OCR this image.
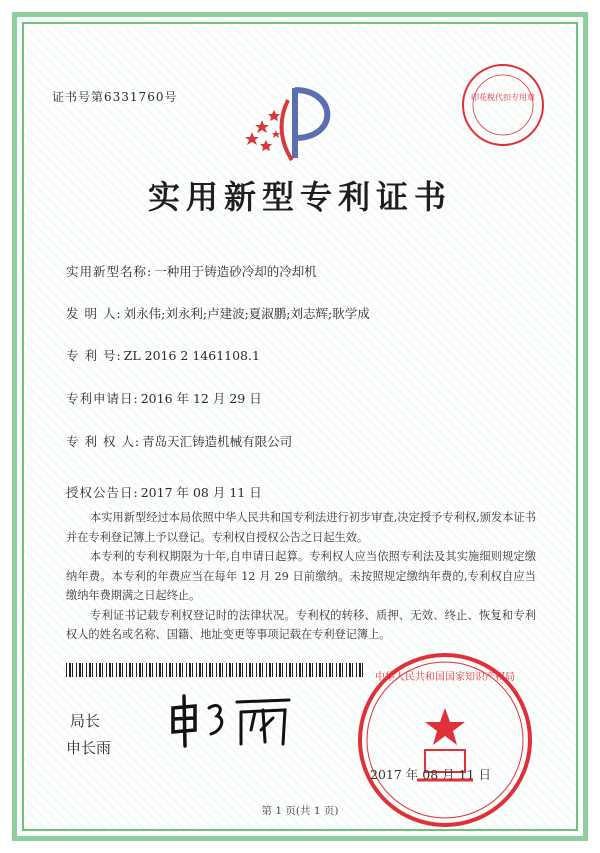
证书号第6331760号	印花税代扣专用章
实用新型专利证书
实用新型名称: 一种用于铸造砂冷却的冷却机
发 明 人: 刘永伟;刘永利;卢建波;夏淑鹏;刘志辉;耿学成
专 利 号: ZL 2016 2 1461108.1
专利申请日: 2016 年 12 月 29 日
专 利 权 人: 青岛天汇铸造机械有限公司
授权公告日: 2017 年 08 月 11 日

本实用新型经过本局依照中华人民共和国专利法进行初步审查,决定授予专利权,颁发本证书并在专利登记簿上予以登记。专利权自授权公告之日起生效。

本专利的专利权期限为十年,自申请日起算。专利权人应当依照专利法及其实施细则规定缴纳年费。本专利的年费应当在每年 12 月 29 日前缴纳。未按照规定缴纳年费的,专利权自应当缴纳年费期满之日起终止。

专利证书记载专利权登记时的法律状况。专利权的转移、质押、无效、终止、恢复和专利权人的姓名或名称、国籍、地址变更等事项记载在专利登记簿上。

局长
申长雨
中华人民共和国国家知识产权局
2017 年 08 月 11 日
第 1 页(共 1 页)
